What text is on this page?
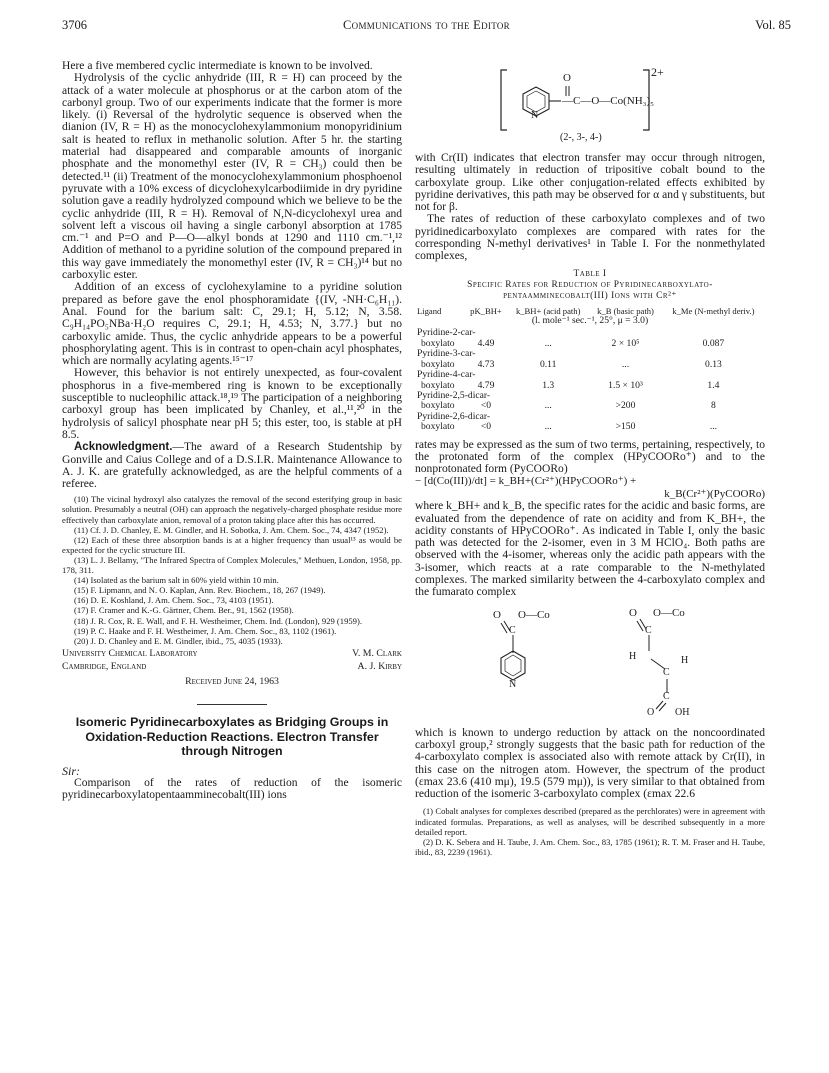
3706	Communications to the Editor	Vol. 85

Here a five membered cyclic intermediate is known to be involved.

Hydrolysis of the cyclic anhydride (III, R = H) can proceed by the attack of a water molecule at phosphorus or at the carbon atom of the carbonyl group. Two of our experiments indicate that the former is more likely. (i) Reversal of the hydrolytic sequence is observed when the dianion (IV, R = H) as the monocyclohexylammonium monopyridinium salt is heated to reflux in methanolic solution. After 5 hr. the starting material had disappeared and comparable amounts of inorganic phosphate and the monomethyl ester (IV, R = CH₃) could then be detected.¹¹ (ii) Treatment of the monocyclohexylammonium phosphoenol pyruvate with a 10% excess of dicyclohexylcarbodiimide in dry pyridine solution gave a readily hydrolyzed compound which we believe to be the cyclic anhydride (III, R = H). Removal of N,N-dicyclohexyl urea and solvent left a viscous oil having a single carbonyl absorption at 1785 cm.⁻¹ and P=O and P—O—alkyl bonds at 1290 and 1110 cm.⁻¹,¹² Addition of methanol to a pyridine solution of the compound prepared in this way gave immediately the monomethyl ester (IV, R = CH₃)¹⁴ but no carboxylic ester.

Addition of an excess of cyclohexylamine to a pyridine solution prepared as before gave the enol phosphoramidate {(IV, -NH·C₆H₁₁). Anal. Found for the barium salt: C, 29.1; H, 5.12; N, 3.58. C₉H₁₄PO₅NBa·H₂O requires C, 29.1; H, 4.53; N, 3.77.} but no carboxylic amide. Thus, the cyclic anhydride appears to be a powerful phosphorylating agent. This is in contrast to open-chain acyl phosphates, which are normally acylating agents.¹⁵⁻¹⁷

However, this behavior is not entirely unexpected, as four-covalent phosphorus in a five-membered ring is known to be exceptionally susceptible to nucleophilic attack.¹⁸,¹⁹ The participation of a neighboring carboxyl group has been implicated by Chanley, et al.,¹¹,²⁰ in the hydrolysis of salicyl phosphate near pH 5; this ester, too, is stable at pH 8.5.

Acknowledgment.—The award of a Research Studentship by Gonville and Caius College and of a D.S.I.R. Maintenance Allowance to A. J. K. are gratefully acknowledged, as are the helpful comments of a referee.

(10) The vicinal hydroxyl also catalyzes the removal of the second esterifying group in basic solution. Presumably a neutral (OH) can approach the negatively-charged phosphate residue more effectively than carboxylate anion, removal of a proton taking place after this has occurred.

(11) Cf. J. D. Chanley, E. M. Gindler, and H. Sobotka, J. Am. Chem. Soc., 74, 4347 (1952).

(12) Each of these three absorption bands is at a higher frequency than usual¹³ as would be expected for the cyclic structure III.

(13) L. J. Bellamy, "The Infrared Spectra of Complex Molecules," Methuen, London, 1958, pp. 178, 311.

(14) Isolated as the barium salt in 60% yield within 10 min.

(15) F. Lipmann, and N. O. Kaplan, Ann. Rev. Biochem., 18, 267 (1949).

(16) D. E. Koshland, J. Am. Chem. Soc., 73, 4103 (1951).

(17) F. Cramer and K.-G. Gärtner, Chem. Ber., 91, 1562 (1958).

(18) J. R. Cox, R. E. Wall, and F. H. Westheimer, Chem. Ind. (London), 929 (1959).

(19) P. C. Haake and F. H. Westheimer, J. Am. Chem. Soc., 83, 1102 (1961).

(20) J. D. Chanley and E. M. Gindler, ibid., 75, 4035 (1933).

University Chemical Laboratory	V. M. Clark
Cambridge, England	A. J. Kirby
Received June 24, 1963
Isomeric Pyridinecarboxylates as Bridging Groups in Oxidation-Reduction Reactions. Electron Transfer through Nitrogen
Sir:

Comparison of the rates of reduction of the isomeric pyridinecarboxylatopentaamminecobalt(III) ions

2+
O
—C—O—Co(NH₃)₅
N
(2-, 3-, 4-)

with Cr(II) indicates that electron transfer may occur through nitrogen, resulting ultimately in reduction of tripositive cobalt bound to the carboxylate group. Like other conjugation-related effects exhibited by pyridine derivatives, this path may be observed for α and γ substituents, but not for β.

The rates of reduction of these carboxylato complexes and of two pyridinedicarboxylato complexes are compared with rates for the corresponding N-methyl derivatives¹ in Table I. For the nonmethylated complexes,

Table I
Specific Rates for Reduction of Pyridinecarboxylato-
pentaamminecobalt(III) Ions with Cr²⁺
Ligand	pK_BH+	k_BH+ (acid path)	k_B (basic path)	k_Me (N-methyl deriv.)
(l. mole⁻¹ sec.⁻¹, 25°, μ = 3.0)				
Pyridine-2-car-				
boxylato	4.49	...	2 × 10⁵	0.087
Pyridine-3-car-				
boxylato	4.73	0.11	...	0.13
Pyridine-4-car-				
boxylato	4.79	1.3	1.5 × 10³	1.4
Pyridine-2,5-dicar-				
boxylato	<0	...	>200	8
Pyridine-2,6-dicar-				
boxylato	<0	...	>150	...

rates may be expressed as the sum of two terms, pertaining, respectively, to the protonated form of the complex (HPyCOORo⁺) and to the nonprotonated form (PyCOORo)

− [d(Co(III))/dt] = k_BH+(Cr²⁺)(HPyCOORo⁺) +
k_B(Cr²⁺)(PyCOORo)

where k_BH+ and k_B, the specific rates for the acidic and basic forms, are evaluated from the dependence of rate on acidity and from K_BH+, the acidity constants of HPyCOORo⁺. As indicated in Table I, only the basic path was detected for the 2-isomer, even in 3 M HClO₄. Both paths are observed with the 4-isomer, whereas only the acidic path appears with the 3-isomer, which reacts at a rate comparable to the N-methylated complexes. The marked similarity between the 4-carboxylato complex and the fumarato complex

O O—Co
C
N
O O—Co
C
H
C
H
C
O OH

which is known to undergo reduction by attack on the noncoordinated carboxyl group,² strongly suggests that the basic path for reduction of the 4-carboxylato complex is associated also with remote attack by Cr(II), in this case on the nitrogen atom. However, the spectrum of the product (εmax 23.6 (410 mμ), 19.5 (579 mμ)), is very similar to that obtained from reduction of the isomeric 3-carboxylato complex (εmax 22.6

(1) Cobalt analyses for complexes described (prepared as the perchlorates) were in agreement with indicated formulas. Preparations, as well as analyses, will be described subsequently in a more detailed report.

(2) D. K. Sebera and H. Taube, J. Am. Chem. Soc., 83, 1785 (1961); R. T. M. Fraser and H. Taube, ibid., 83, 2239 (1961).
